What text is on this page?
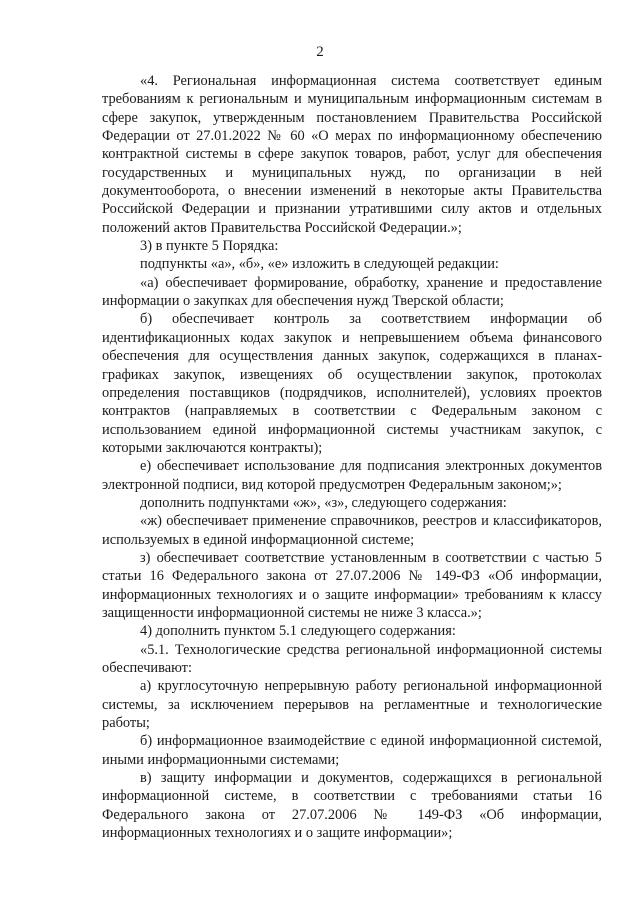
2

«4. Региональная информационная система соответствует единым требованиям к региональным и муниципальным информационным системам в сфере закупок, утвержденным постановлением Правительства Российской Федерации от 27.01.2022 № 60 «О мерах по информационному обеспечению контрактной системы в сфере закупок товаров, работ, услуг для обеспечения государственных и муниципальных нужд, по организации в ней документооборота, о внесении изменений в некоторые акты Правительства Российской Федерации и признании утратившими силу актов и отдельных положений актов Правительства Российской Федерации.»;

3) в пункте 5 Порядка:

подпункты «а», «б», «е» изложить в следующей редакции:

«а) обеспечивает формирование, обработку, хранение и предоставление информации о закупках для обеспечения нужд Тверской области;

б) обеспечивает контроль за соответствием информации об идентификационных кодах закупок и непревышением объема финансового обеспечения для осуществления данных закупок, содержащихся в планах-графиках закупок, извещениях об осуществлении закупок, протоколах определения поставщиков (подрядчиков, исполнителей), условиях проектов контрактов (направляемых в соответствии с Федеральным законом с использованием единой информационной системы участникам закупок, с которыми заключаются контракты);

е) обеспечивает использование для подписания электронных документов электронной подписи, вид которой предусмотрен Федеральным законом;»;

дополнить подпунктами «ж», «з», следующего содержания:

«ж) обеспечивает применение справочников, реестров и классификаторов, используемых в единой информационной системе;

з) обеспечивает соответствие установленным в соответствии с частью 5 статьи 16 Федерального закона от 27.07.2006 № 149-ФЗ «Об информации, информационных технологиях и о защите информации» требованиям к классу защищенности информационной системы не ниже 3 класса.»;

4) дополнить пунктом 5.1 следующего содержания:

«5.1. Технологические средства региональной информационной системы обеспечивают:

а) круглосуточную непрерывную работу региональной информационной системы, за исключением перерывов на регламентные и технологические работы;

б) информационное взаимодействие с единой информационной системой, иными информационными системами;

в) защиту информации и документов, содержащихся в региональной информационной системе, в соответствии с требованиями статьи 16 Федерального закона от 27.07.2006 № 149-ФЗ «Об информации, информационных технологиях и о защите информации»;
